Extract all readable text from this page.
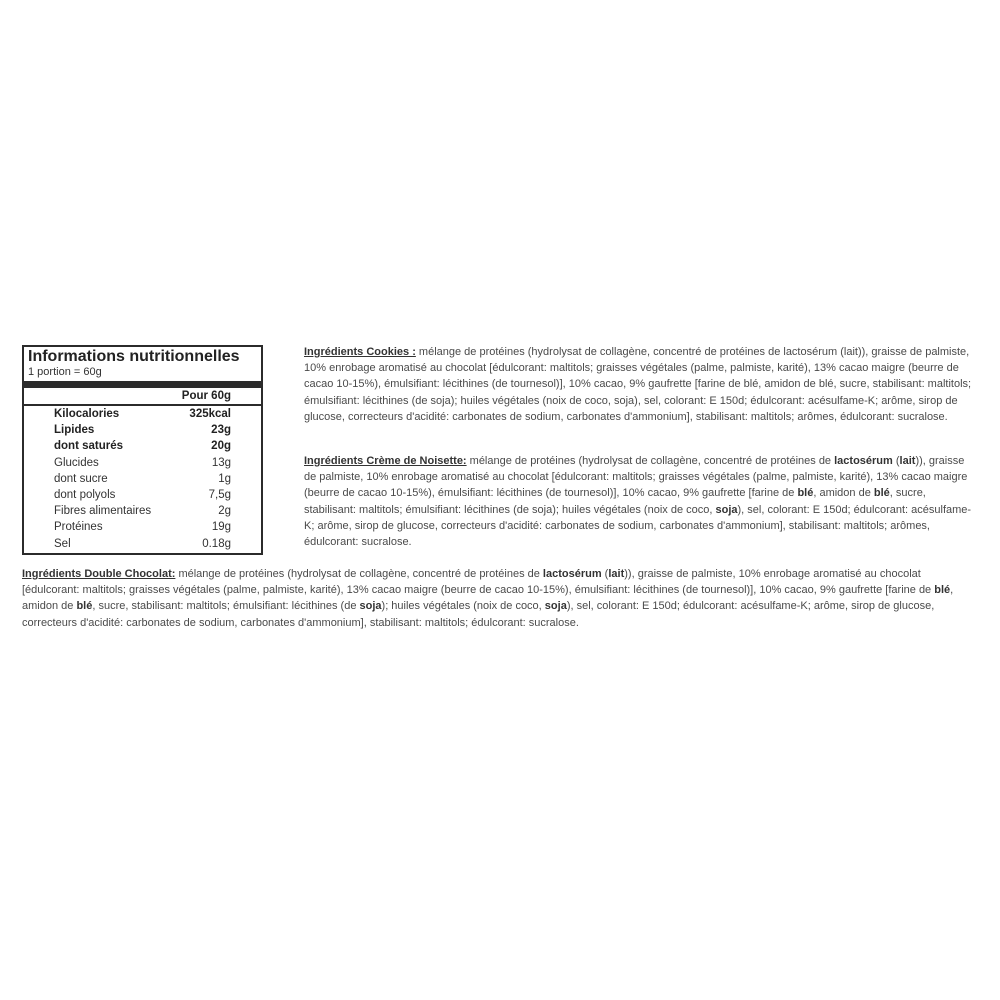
Informations nutritionnelles
1 portion = 60g
Pour 60g
Kilocalories	325kcal
Lipides	23g
dont saturés	20g
Glucides	13g
dont sucre	1g
dont polyols	7,5g
Fibres alimentaires	2g
Protéines	19g
Sel	0.18g
Ingrédients Cookies : mélange de protéines (hydrolysat de collagène, concentré de protéines de lactosérum (lait)), graisse de palmiste, 10% enrobage aromatisé au chocolat [édulcorant: maltitols; graisses végétales (palme, palmiste, karité), 13% cacao maigre (beurre de cacao 10-15%), émulsifiant: lécithines (de tournesol)], 10% cacao, 9% gaufrette [farine de blé, amidon de blé, sucre, stabilisant: maltitols; émulsifiant: lécithines (de soja); huiles végétales (noix de coco, soja), sel, colorant: E 150d; édulcorant: acésulfame-K; arôme, sirop de glucose, correcteurs d'acidité: carbonates de sodium, carbonates d'ammonium], stabilisant: maltitols; arômes, édulcorant: sucralose.
Ingrédients Crème de Noisette: mélange de protéines (hydrolysat de collagène, concentré de protéines de lactosérum (lait)), graisse de palmiste, 10% enrobage aromatisé au chocolat [édulcorant: maltitols; graisses végétales (palme, palmiste, karité), 13% cacao maigre (beurre de cacao 10-15%), émulsifiant: lécithines (de tournesol)], 10% cacao, 9% gaufrette [farine de blé, amidon de blé, sucre, stabilisant: maltitols; émulsifiant: lécithines (de soja); huiles végétales (noix de coco, soja), sel, colorant: E 150d; édulcorant: acésulfame-K; arôme, sirop de glucose, correcteurs d'acidité: carbonates de sodium, carbonates d'ammonium], stabilisant: maltitols; arômes, édulcorant: sucralose.
Ingrédients Double Chocolat: mélange de protéines (hydrolysat de collagène, concentré de protéines de lactosérum (lait)), graisse de palmiste, 10% enrobage aromatisé au chocolat [édulcorant: maltitols; graisses végétales (palme, palmiste, karité), 13% cacao maigre (beurre de cacao 10-15%), émulsifiant: lécithines (de tournesol)], 10% cacao, 9% gaufrette [farine de blé, amidon de blé, sucre, stabilisant: maltitols; émulsifiant: lécithines (de soja); huiles végétales (noix de coco, soja), sel, colorant: E 150d; édulcorant: acésulfame-K; arôme, sirop de glucose, correcteurs d'acidité: carbonates de sodium, carbonates d'ammonium], stabilisant: maltitols; édulcorant: sucralose.
